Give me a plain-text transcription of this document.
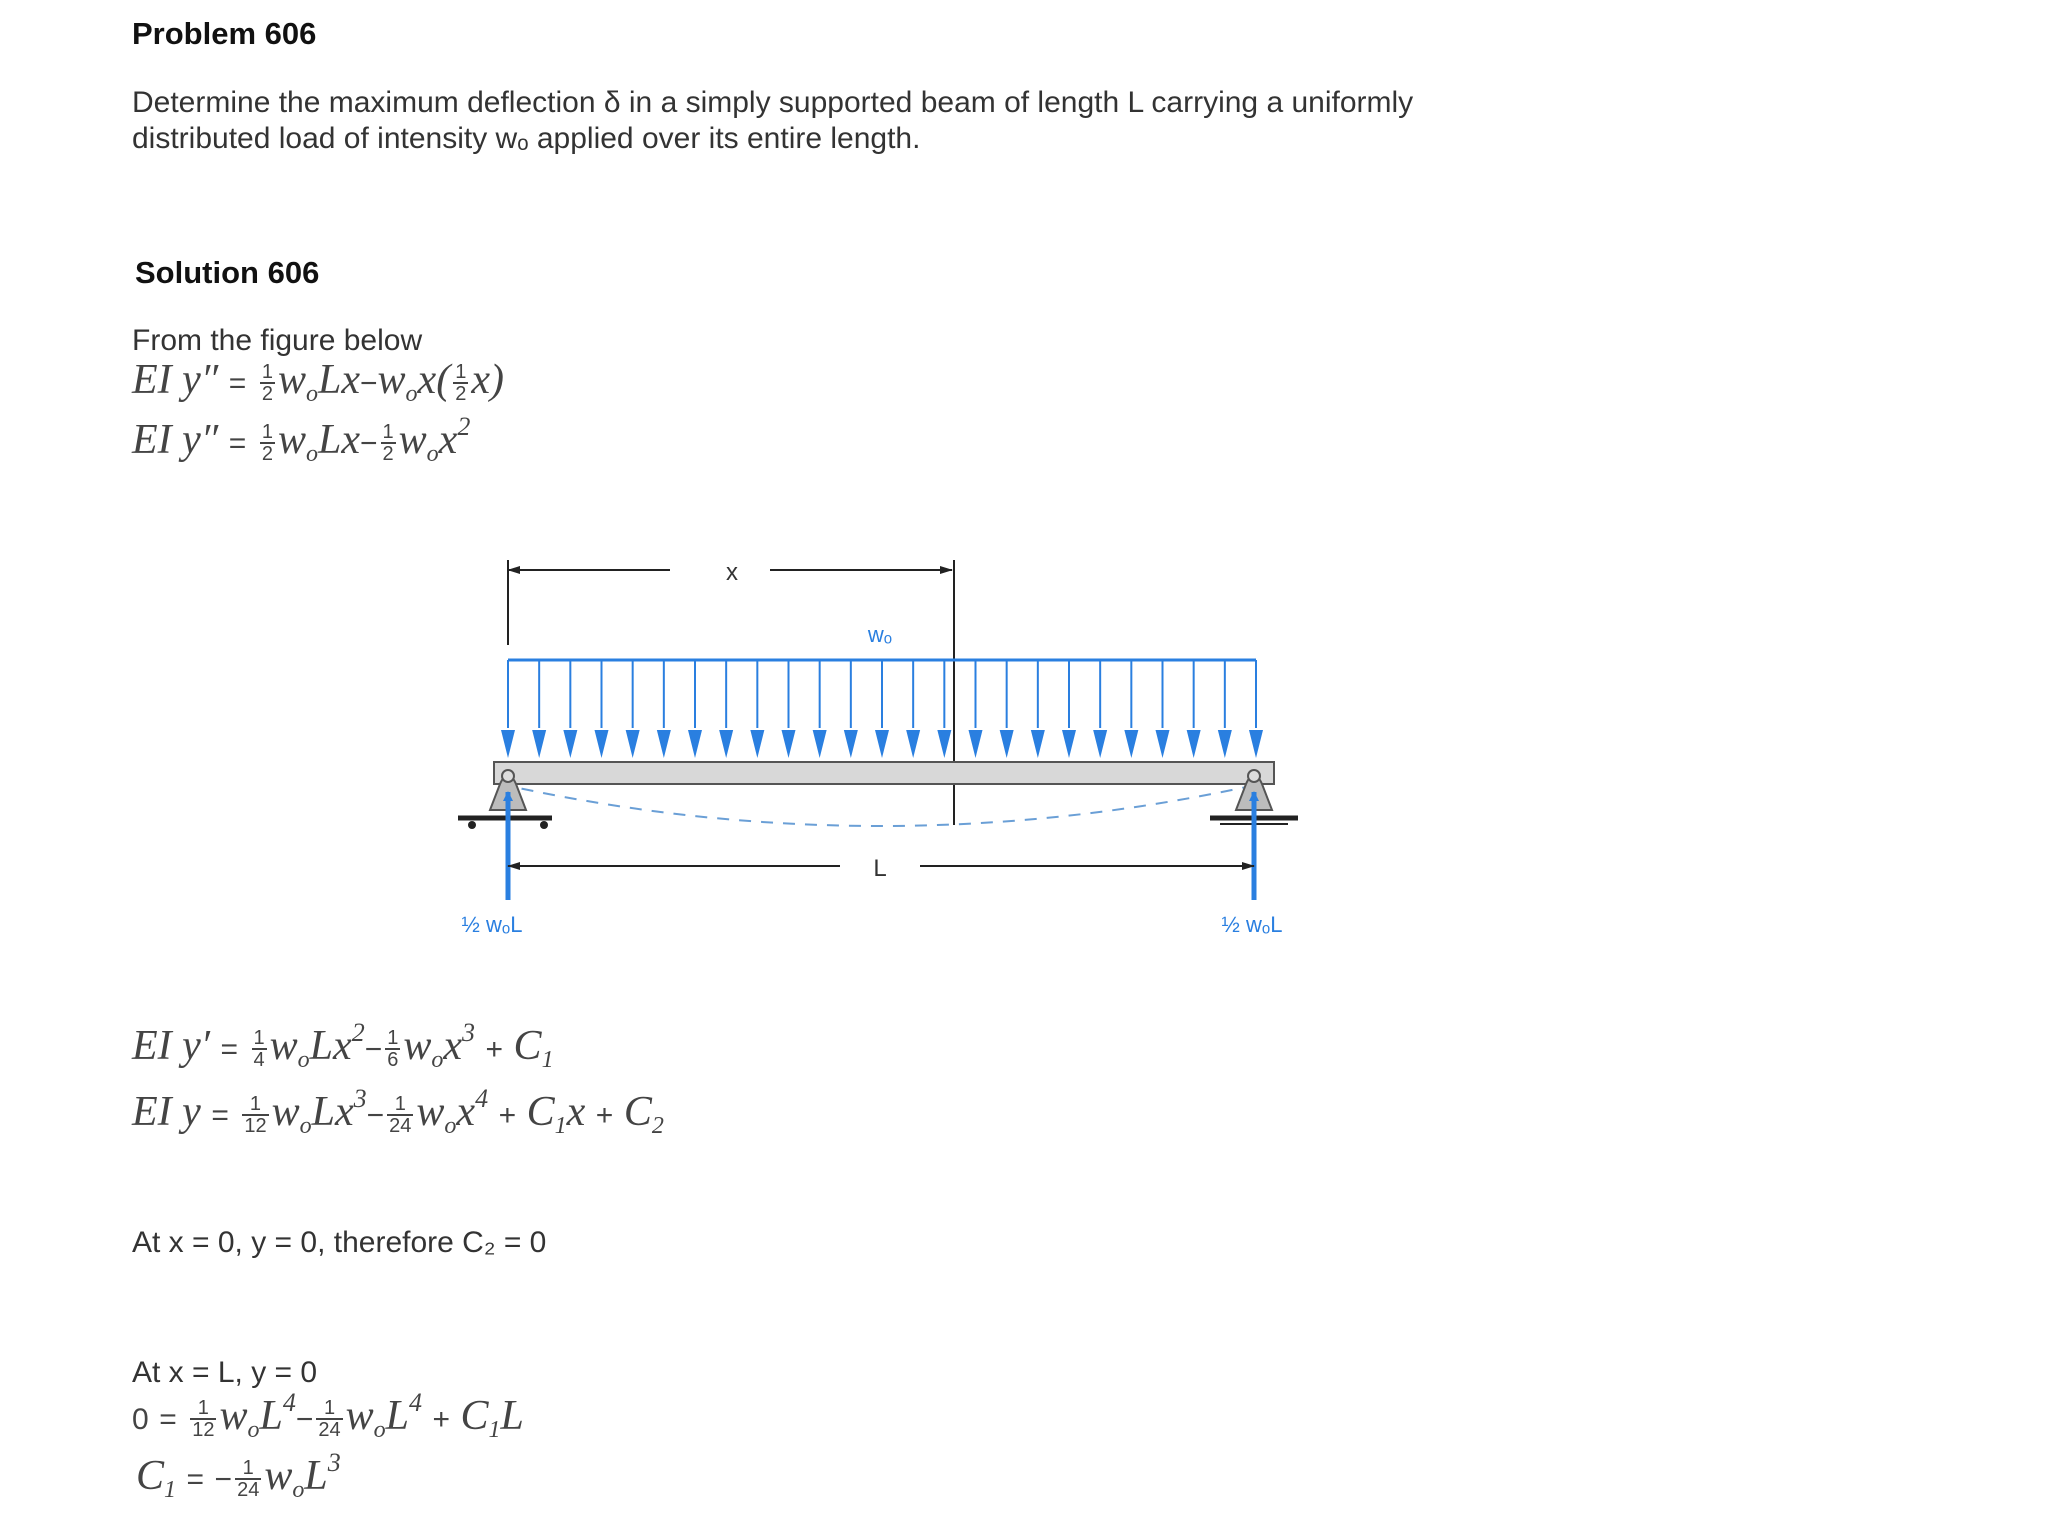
Problem 606
Determine the maximum deflection δ in a simply supported beam of length L carrying a uniformly
distributed load of intensity wₒ applied over its entire length.
Solution 606
From the figure below
EI $y'' = \frac{1}{2} w_oLx-w_ox( \frac{1}{2} x)$
EI $y'' = \frac{1}{2} w_oLx- \frac{1}{2} w_ox^2$
x
wₒ
L
½ wₒL	½ wₒL
EI $y' = \frac{1}{4} w_oLx^2- \frac{1}{6} w_ox^3 + C_1$
EI $y = \frac{1}{12} w_oLx^3- \frac{1}{24} w_ox^4 + C_1x + C_2$
At x = 0, y = 0, therefore C₂ = 0
At x = L, y = 0
$0 = \frac{1}{12} w_oL^4- \frac{1}{24} w_oL^4 + C_1L$
$C_1$ = − $\frac{1}{24} w_oL^3$
